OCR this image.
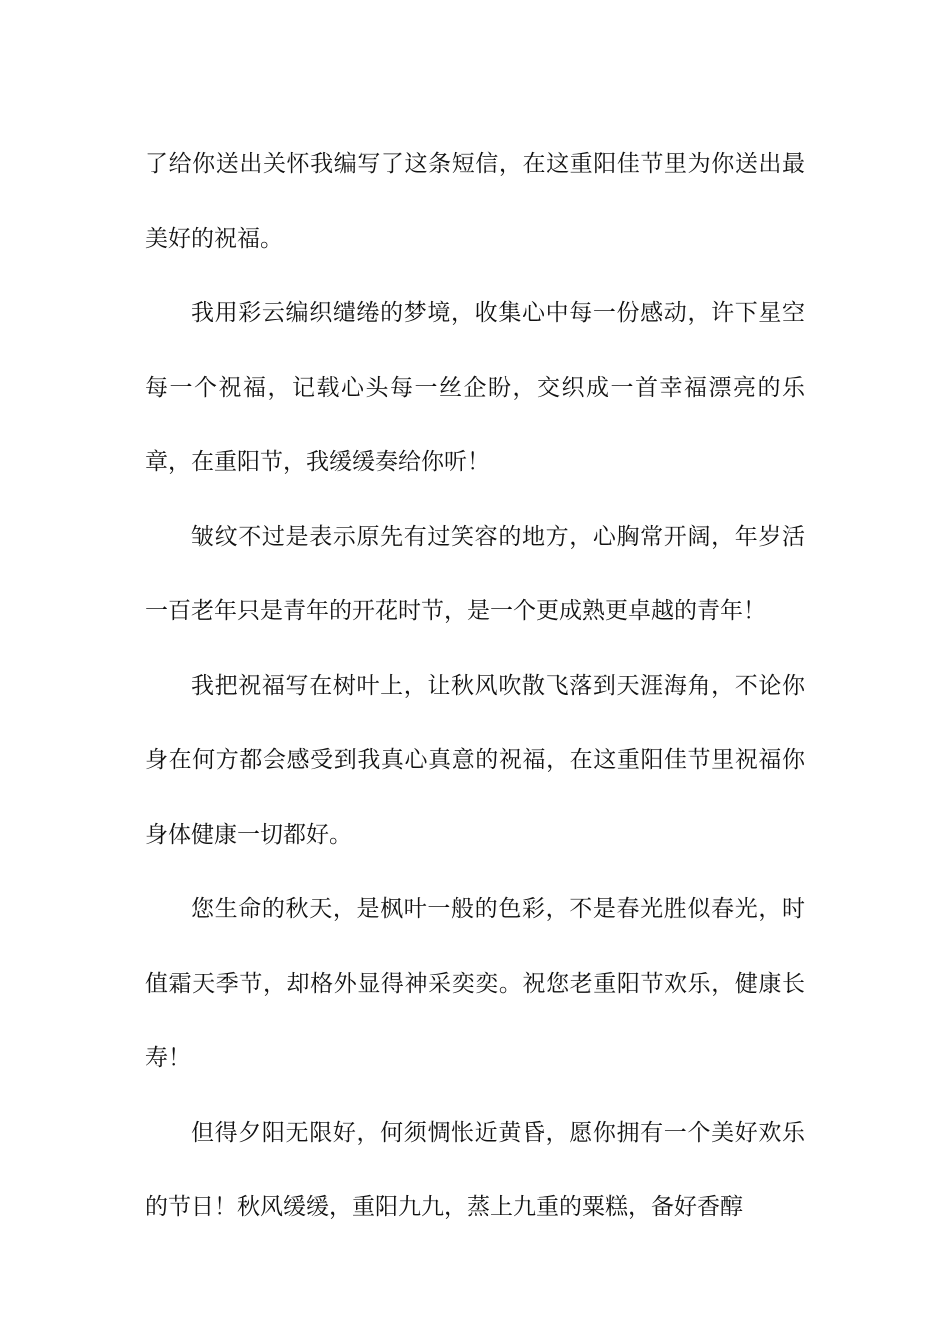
了给你送出关怀我编写了这条短信，在这重阳佳节里为你送出最美好的祝福。

我用彩云编织缱绻的梦境，收集心中每一份感动，许下星空每一个祝福，记载心头每一丝企盼，交织成一首幸福漂亮的乐章，在重阳节，我缓缓奏给你听！

皱纹不过是表示原先有过笑容的地方，心胸常开阔，年岁活一百老年只是青年的开花时节，是一个更成熟更卓越的青年！

我把祝福写在树叶上，让秋风吹散飞落到天涯海角，不论你身在何方都会感受到我真心真意的祝福，在这重阳佳节里祝福你身体健康一切都好。

您生命的秋天，是枫叶一般的色彩，不是春光胜似春光，时值霜天季节，却格外显得神采奕奕。祝您老重阳节欢乐，健康长寿！

但得夕阳无限好，何须惆怅近黄昏，愿你拥有一个美好欢乐的节日！秋风缓缓，重阳九九，蒸上九重的粟糕，备好香醇
